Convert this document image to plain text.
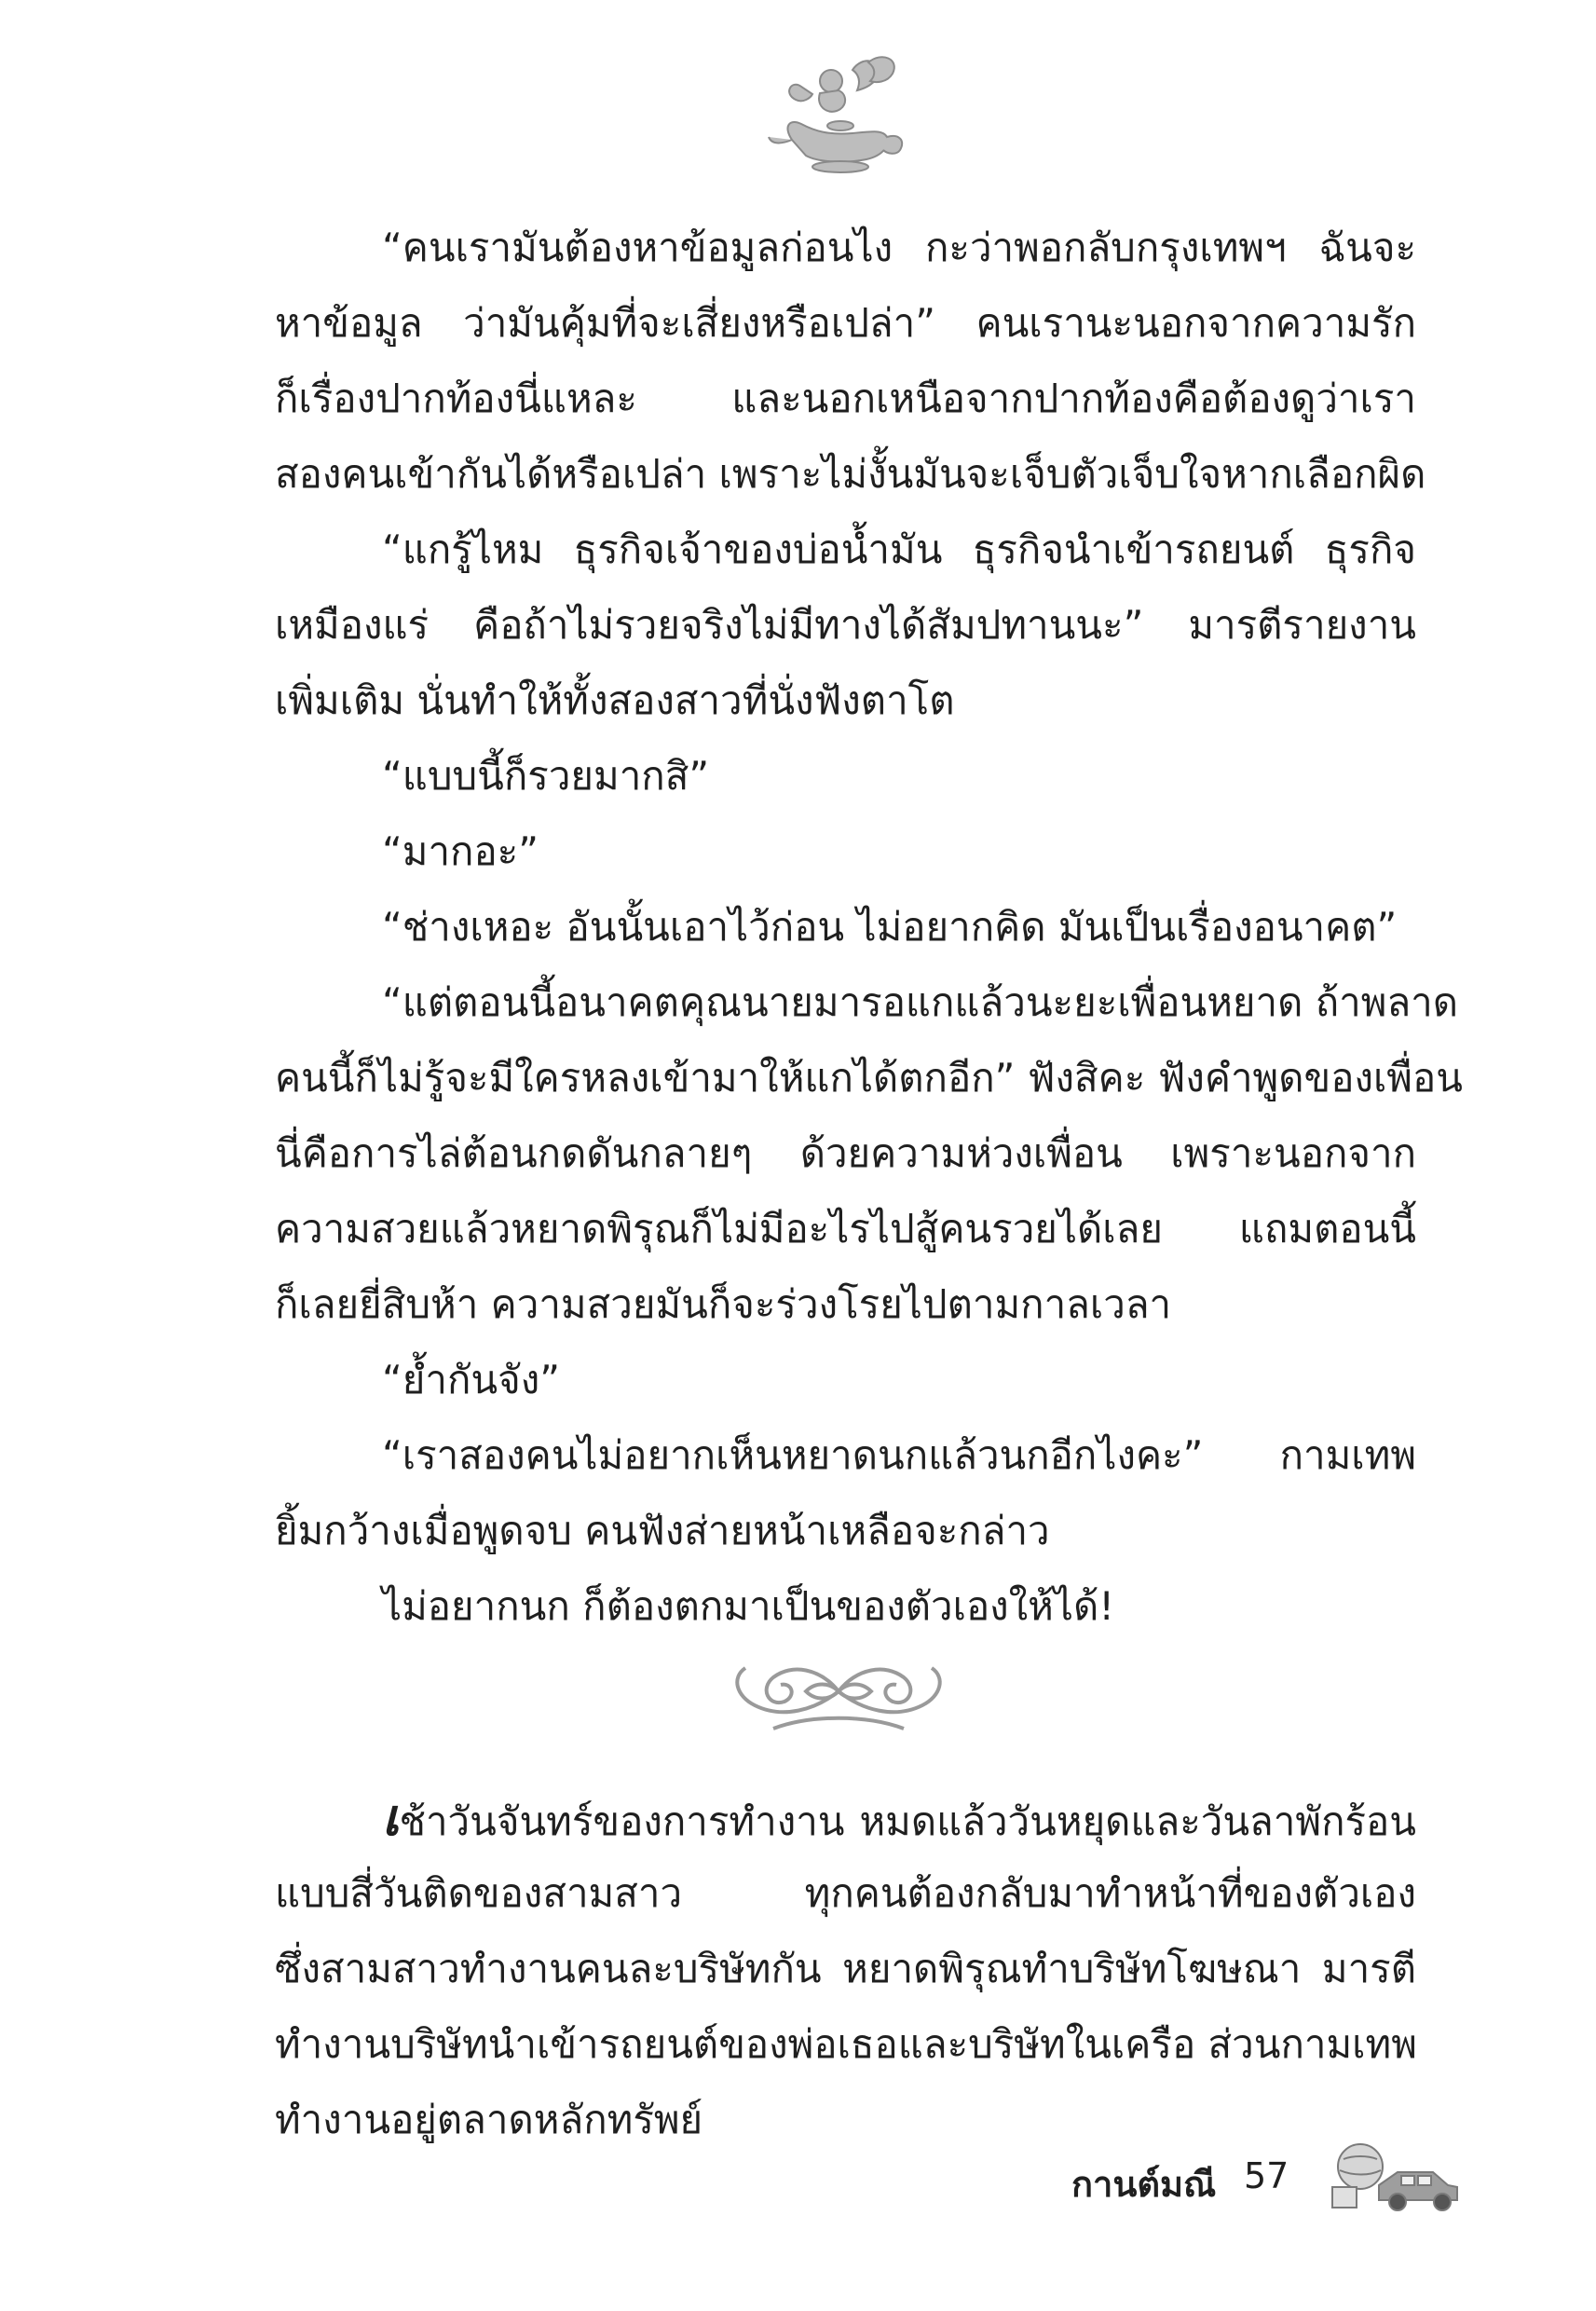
“คนเรามันต้องหาข้อมูลก่อนไง กะว่าพอกลับกรุงเทพฯ ฉันจะ
หาข้อมูล ว่ามันคุ้มที่จะเสี่ยงหรือเปล่า” คนเรานะนอกจากความรัก
ก็เรื่องปากท้องนี่แหละ และนอกเหนือจากปากท้องคือต้องดูว่าเรา
สองคนเข้ากันได้หรือเปล่า เพราะไม่งั้นมันจะเจ็บตัวเจ็บใจหากเลือกผิด
“แกรู้ไหม ธุรกิจเจ้าของบ่อน้ำมัน ธุรกิจนำเข้ารถยนต์ ธุรกิจ
เหมืองแร่ คือถ้าไม่รวยจริงไม่มีทางได้สัมปทานนะ” มารตีรายงาน
เพิ่มเติม นั่นทำให้ทั้งสองสาวที่นั่งฟังตาโต
“แบบนี้ก็รวยมากสิ”
“มากอะ”
“ช่างเหอะ อันนั้นเอาไว้ก่อน ไม่อยากคิด มันเป็นเรื่องอนาคต”
“แต่ตอนนี้อนาคตคุณนายมารอแกแล้วนะยะเพื่อนหยาด ถ้าพลาด
คนนี้ก็ไม่รู้จะมีใครหลงเข้ามาให้แกได้ตกอีก” ฟังสิคะ ฟังคำพูดของเพื่อน
นี่คือการไล่ต้อนกดดันกลายๆ ด้วยความห่วงเพื่อน เพราะนอกจาก
ความสวยแล้วหยาดพิรุณก็ไม่มีอะไรไปสู้คนรวยได้เลย แถมตอนนี้
ก็เลยยี่สิบห้า ความสวยมันก็จะร่วงโรยไปตามกาลเวลา
“ย้ำกันจัง”
“เราสองคนไม่อยากเห็นหยาดนกแล้วนกอีกไงคะ” กามเทพ
ยิ้มกว้างเมื่อพูดจบ คนฟังส่ายหน้าเหลือจะกล่าว
ไม่อยากนก ก็ต้องตกมาเป็นของตัวเองให้ได้!
เช้าวันจันทร์ของการทำงาน หมดแล้ววันหยุดและวันลาพักร้อน
แบบสี่วันติดของสามสาว ทุกคนต้องกลับมาทำหน้าที่ของตัวเอง
ซึ่งสามสาวทำงานคนละบริษัทกัน หยาดพิรุณทำบริษัทโฆษณา มารตี
ทำงานบริษัทนำเข้ารถยนต์ของพ่อเธอและบริษัทในเครือ ส่วนกามเทพ
ทำงานอยู่ตลาดหลักทรัพย์
กานต์มณี 57
